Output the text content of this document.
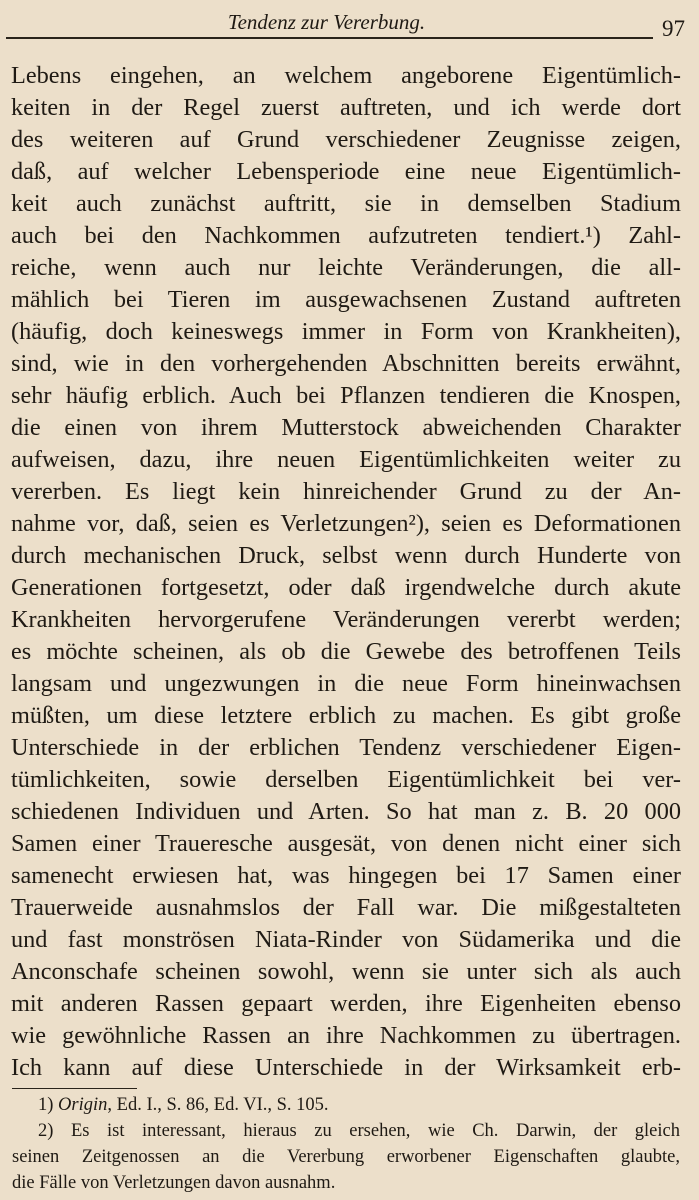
Tendenz zur Vererbung.	97
Lebens eingehen, an welchem angeborene Eigentümlich-
keiten in der Regel zuerst auftreten, und ich werde dort
des weiteren auf Grund verschiedener Zeugnisse zeigen,
daß, auf welcher Lebensperiode eine neue Eigentümlich-
keit auch zunächst auftritt, sie in demselben Stadium
auch bei den Nachkommen aufzutreten tendiert.¹) Zahl-
reiche, wenn auch nur leichte Veränderungen, die all-
mählich bei Tieren im ausgewachsenen Zustand auftreten
(häufig, doch keineswegs immer in Form von Krankheiten),
sind, wie in den vorhergehenden Abschnitten bereits erwähnt,
sehr häufig erblich. Auch bei Pflanzen tendieren die Knospen,
die einen von ihrem Mutterstock abweichenden Charakter
aufweisen, dazu, ihre neuen Eigentümlichkeiten weiter zu
vererben. Es liegt kein hinreichender Grund zu der An-
nahme vor, daß, seien es Verletzungen²), seien es Deformationen
durch mechanischen Druck, selbst wenn durch Hunderte von
Generationen fortgesetzt, oder daß irgendwelche durch akute
Krankheiten hervorgerufene Veränderungen vererbt werden;
es möchte scheinen, als ob die Gewebe des betroffenen Teils
langsam und ungezwungen in die neue Form hineinwachsen
müßten, um diese letztere erblich zu machen. Es gibt große
Unterschiede in der erblichen Tendenz verschiedener Eigen-
tümlichkeiten, sowie derselben Eigentümlichkeit bei ver-
schiedenen Individuen und Arten. So hat man z. B. 20 000
Samen einer Traueresche ausgesät, von denen nicht einer sich
samenecht erwiesen hat, was hingegen bei 17 Samen einer
Trauerweide ausnahmslos der Fall war. Die mißgestalteten
und fast monströsen Niata-Rinder von Südamerika und die
Anconschafe scheinen sowohl, wenn sie unter sich als auch
mit anderen Rassen gepaart werden, ihre Eigenheiten ebenso
wie gewöhnliche Rassen an ihre Nachkommen zu übertragen.
Ich kann auf diese Unterschiede in der Wirksamkeit erb-
1) Origin, Ed. I., S. 86, Ed. VI., S. 105.
2) Es ist interessant, hieraus zu ersehen, wie Ch. Darwin, der gleich
seinen Zeitgenossen an die Vererbung erworbener Eigenschaften glaubte,
die Fälle von Verletzungen davon ausnahm.
